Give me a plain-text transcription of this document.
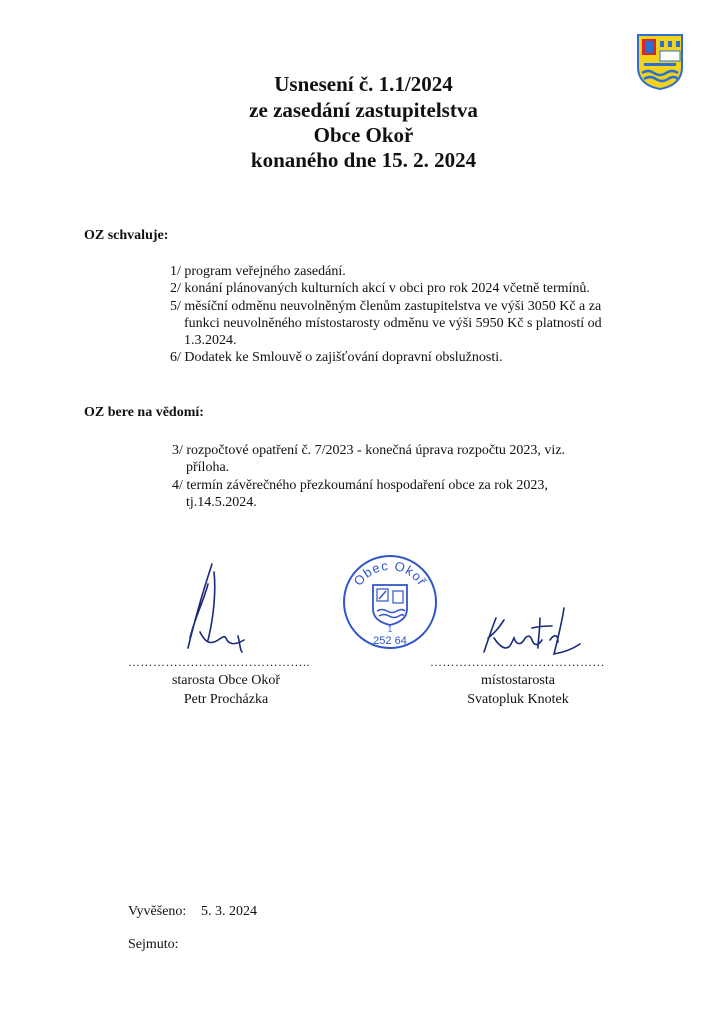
Usnesení č. 1.1/2024
ze zasedání zastupitelstva
Obce Okoř
konaného dne 15. 2. 2024
OZ schvaluje:
1/ program veřejného zasedání.
2/ konání plánovaných kulturních akcí v obci pro rok 2024 včetně termínů.
5/ měsíční odměnu neuvolněným členům zastupitelstva ve výši 3050 Kč a za
funkci neuvolněného místostarosty odměnu ve výši 5950 Kč s platností od
1.3.2024.
6/ Dodatek ke Smlouvě o zajišťování dopravní obslužnosti.
OZ bere na vědomí:
3/ rozpočtové opatření č. 7/2023 - konečná úprava rozpočtu 2023, viz.
příloha.
4/ termín závěrečného přezkoumání hospodaření obce za rok 2023,
tj.14.5.2024.
Obec Okoř
1
252 64
……………………………………..	……………………………………
starosta Obce Okoř
Petr Procházka
místostarosta
Svatopluk Knotek
Vyvěšeno: 5. 3. 2024
Sejmuto:
